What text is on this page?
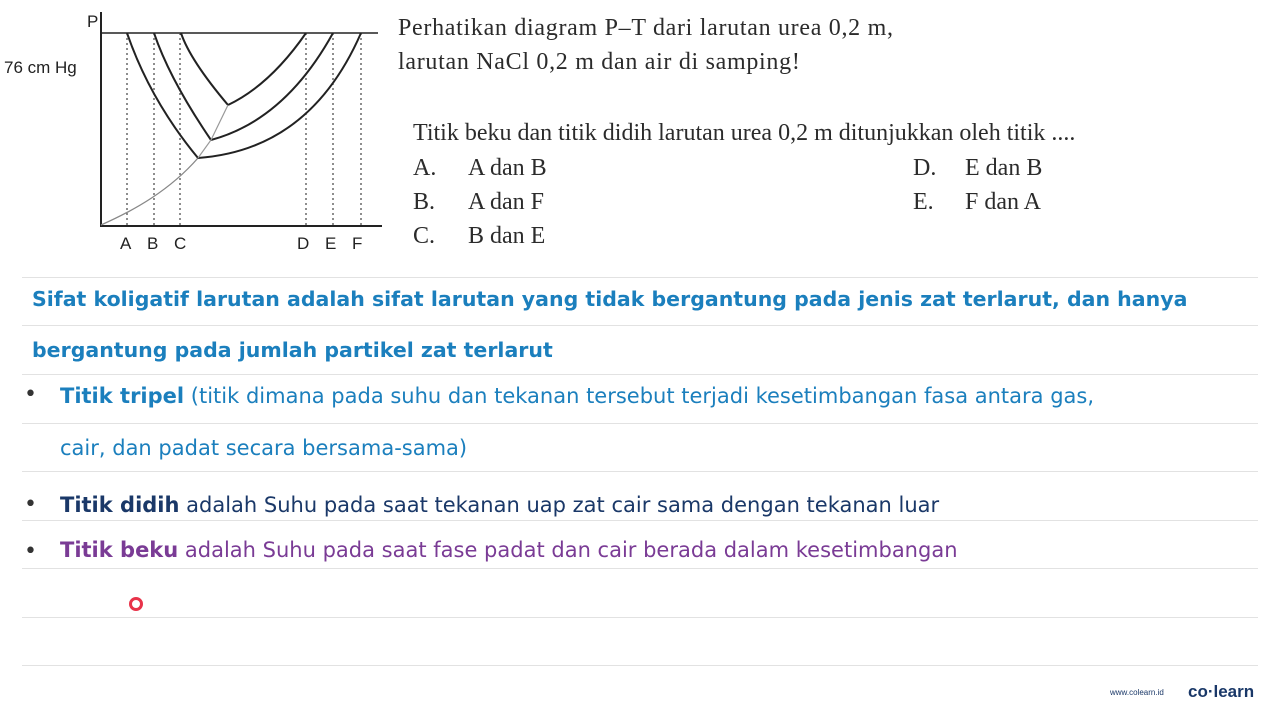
P
76 cm Hg
A B C	D E F
Perhatikan diagram P–T dari larutan urea 0,2 m, larutan NaCl 0,2 m dan air di samping!
Titik beku dan titik didih larutan urea 0,2 m ditunjukkan oleh titik ....
A. A dan B
B. A dan F
C. B dan E
D. E dan B
E. F dan A
Sifat koligatif larutan adalah sifat larutan yang tidak bergantung pada jenis zat terlarut, dan hanya
bergantung pada jumlah partikel zat terlarut
• Titik tripel (titik dimana pada suhu dan tekanan tersebut terjadi kesetimbangan fasa antara gas,
cair, dan padat secara bersama-sama)
• Titik didih adalah Suhu pada saat tekanan uap zat cair sama dengan tekanan luar
• Titik beku adalah Suhu pada saat fase padat dan cair berada dalam kesetimbangan
www.colearn.id co·learn
